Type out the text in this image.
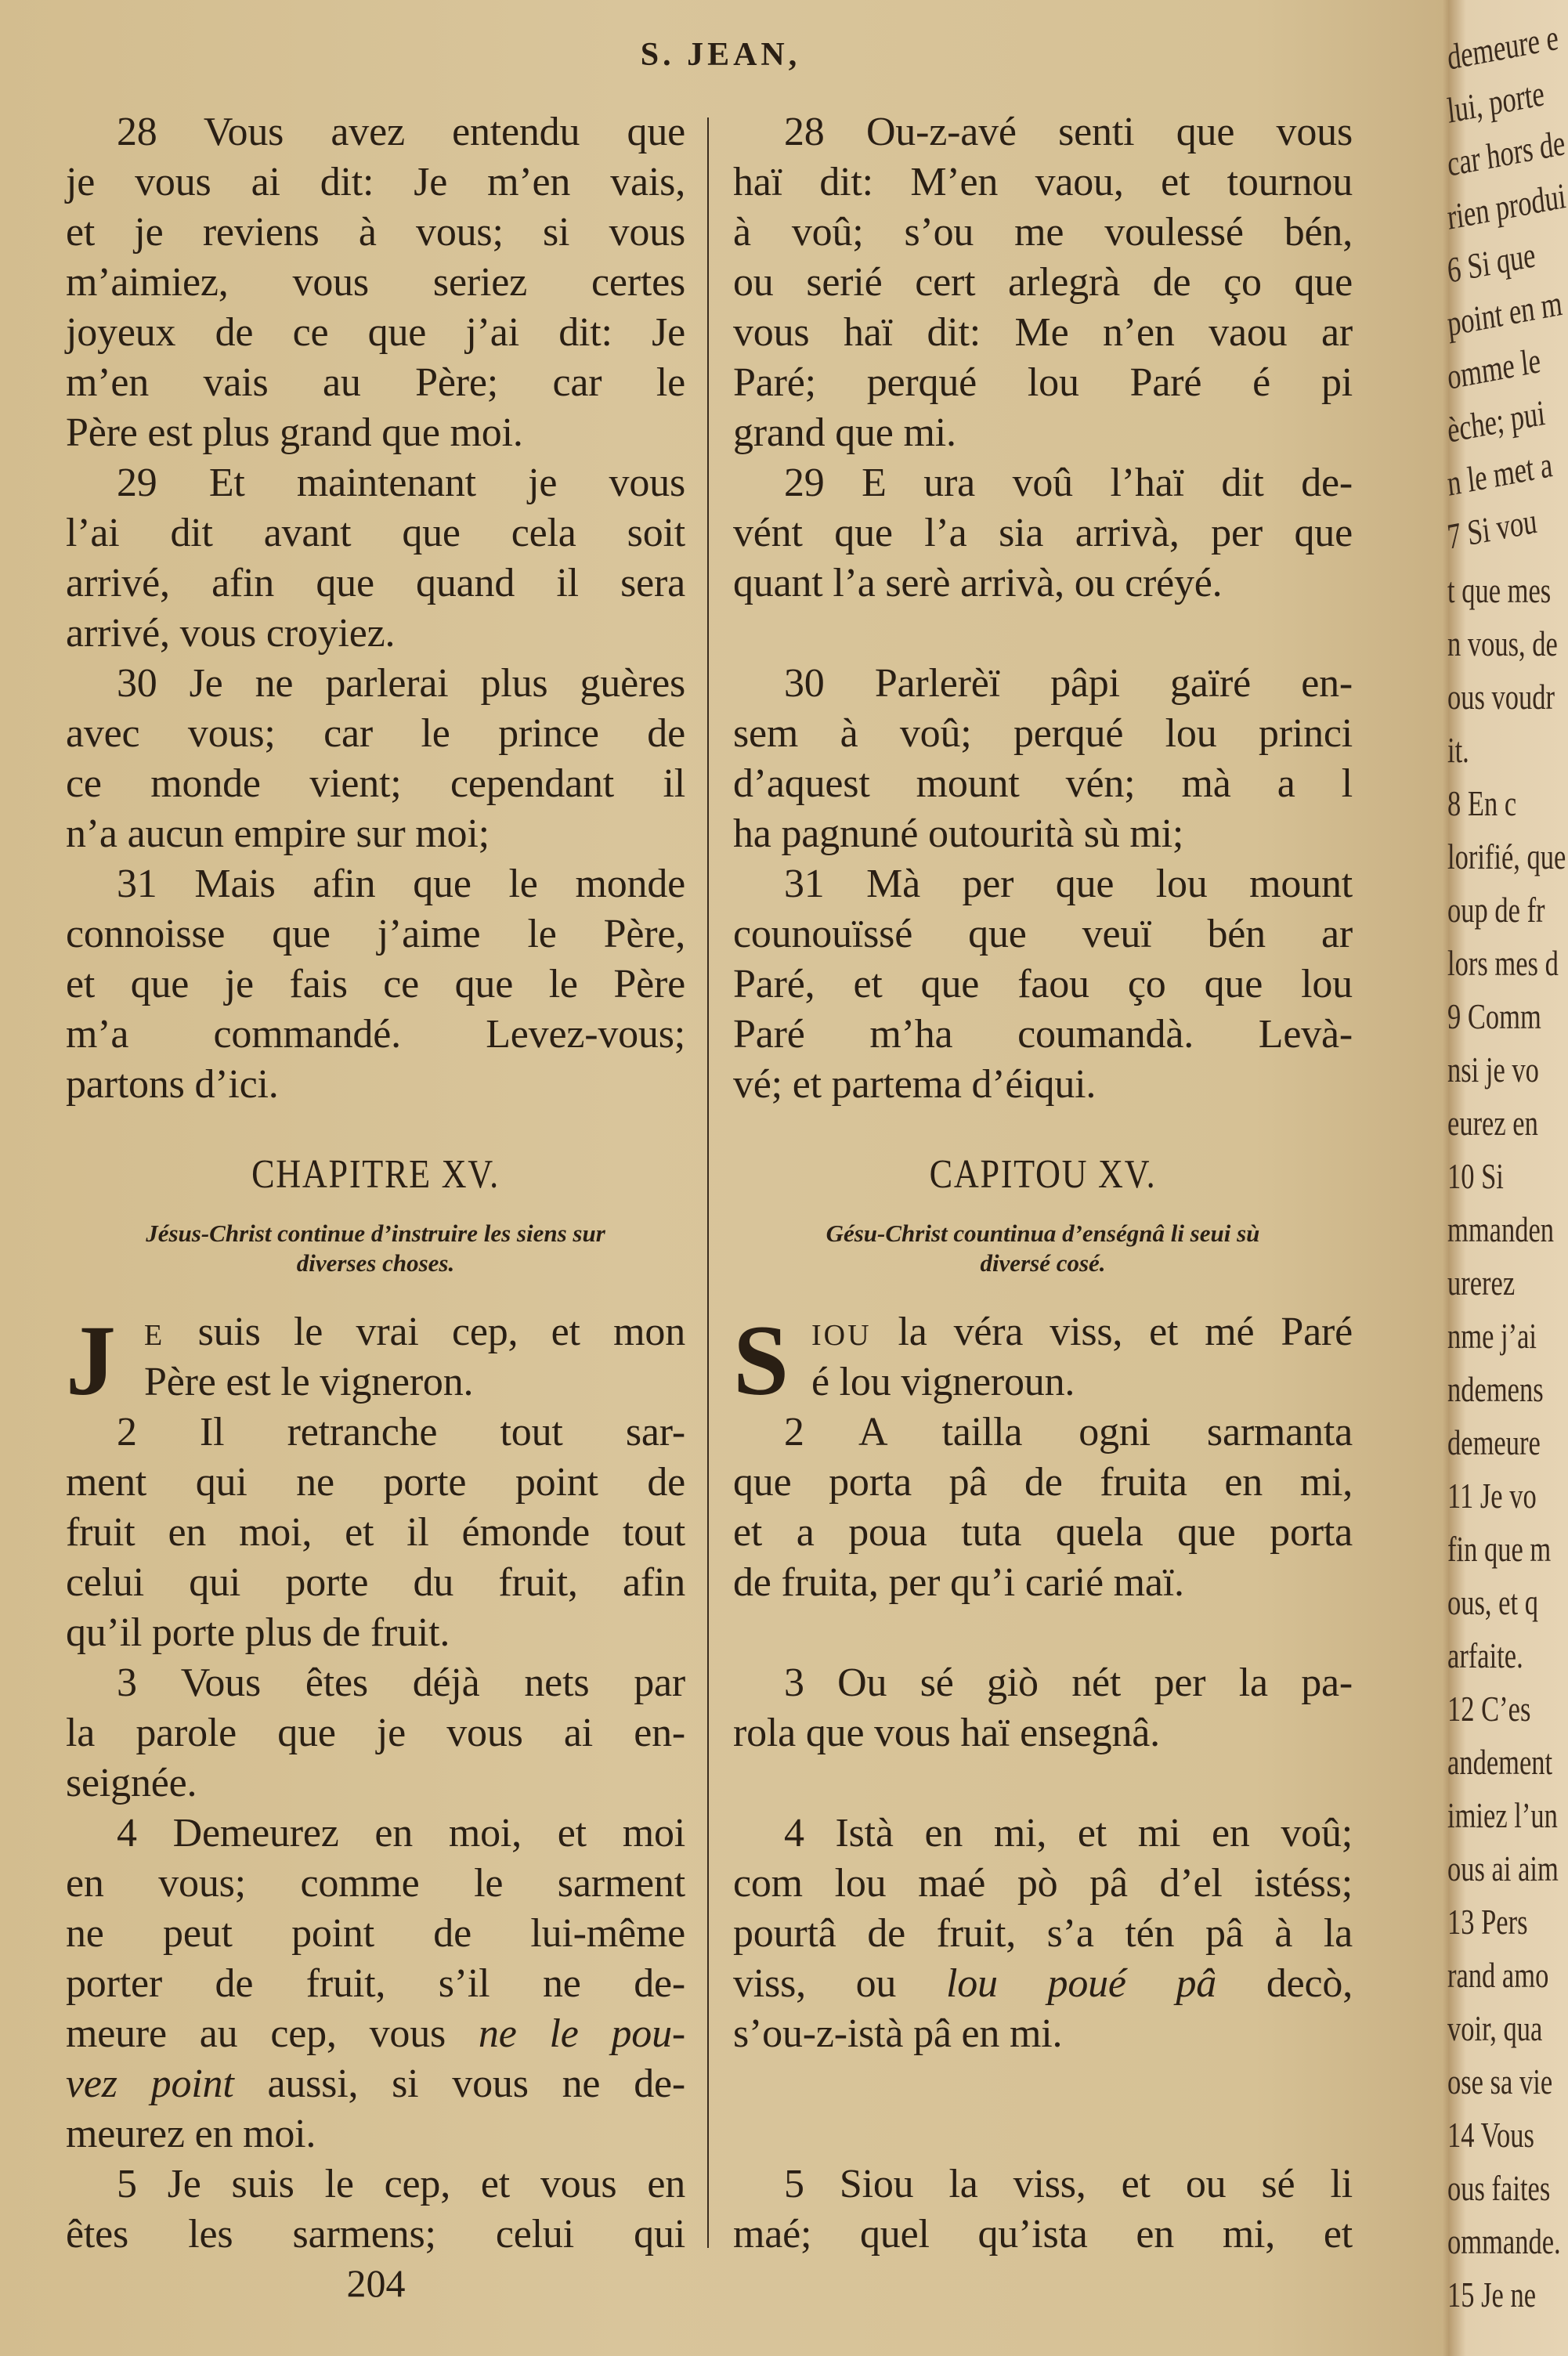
S. JEAN,
28 Vous avez entendu que
je vous ai dit: Je m’en vais,
et je reviens à vous; si vous
m’aimiez, vous seriez certes
joyeux de ce que j’ai dit: Je
m’en vais au Père; car le
Père est plus grand que moi.
29 Et maintenant je vous
l’ai dit avant que cela soit
arrivé, afin que quand il sera
arrivé, vous croyiez.
30 Je ne parlerai plus guères
avec vous; car le prince de
ce monde vient; cependant il
n’a aucun empire sur moi;
31 Mais afin que le monde
connoisse que j’aime le Père,
et que je fais ce que le Père
m’a commandé. Levez-vous;
partons d’ici.
CHAPITRE XV.
Jésus-Christ continue d’instruire les siens sur
diverses choses.
J E suis le vrai cep, et mon
Père est le vigneron.
2 Il retranche tout sar-
ment qui ne porte point de
fruit en moi, et il émonde tout
celui qui porte du fruit, afin
qu’il porte plus de fruit.
3 Vous êtes déjà nets par
la parole que je vous ai en-
seignée.
4 Demeurez en moi, et moi
en vous; comme le sarment
ne peut point de lui-même
porter de fruit, s’il ne de-
meure au cep, vous ne le pou-
vez point aussi, si vous ne de-
meurez en moi.
5 Je suis le cep, et vous en
êtes les sarmens; celui qui
28 Ou-z-avé senti que vous
haï dit: M’en vaou, et tournou
à voû; s’ou me voulessé bén,
ou serié cert arlegrà de ço que
vous haï dit: Me n’en vaou ar
Paré; perqué lou Paré é pi
grand que mi.
29 E ura voû l’haï dit de-
vént que l’a sia arrivà, per que
quant l’a serè arrivà, ou créyé.
30 Parlerèï pâpi gaïré en-
sem à voû; perqué lou princi
d’aquest mount vén; mà a l
ha pagnuné outourità sù mi;
31 Mà per que lou mount
counouïssé que veuï bén ar
Paré, et que faou ço que lou
Paré m’ha coumandà. Levà-
vé; et partema d’éiqui.
CAPITOU XV.
Gésu-Christ countinua d’enségnâ li seui sù
diversé cosé.
S IOU la véra viss, et mé Paré
é lou vigneroun.
2 A tailla ogni sarmanta
que porta pâ de fruita en mi,
et a poua tuta quela que porta
de fruita, per qu’i carié maï.
3 Ou sé giò nét per la pa-
rola que vous haï ensegnâ.
4 Istà en mi, et mi en voû;
com lou maé pò pâ d’el istéss;
pourtâ de fruit, s’a tén pâ à la
viss, ou lou poué pâ decò,
s’ou-z-istà pâ en mi.
5 Siou la viss, et ou sé li
maé; quel qu’ista en mi, et
204
demeure e
lui, porte
car hors de
rien produi
6 Si que
point en m
omme le
èche; pui
n le met a
7 Si vou
t que mes
n vous, de
ous voudr
it.
8 En c
lorifié, que
oup de fr
lors mes d
9 Comm
nsi je vo
eurez en
10 Si
mmanden
urerez
nme j’ai
ndemens
demeure
11 Je vo
fin que m
ous, et q
arfaite.
12 C’es
andement
imiez l’un
ous ai aim
13 Pers
rand amo
voir, qua
ose sa vie
14 Vous
ous faites
ommande.
15 Je ne
